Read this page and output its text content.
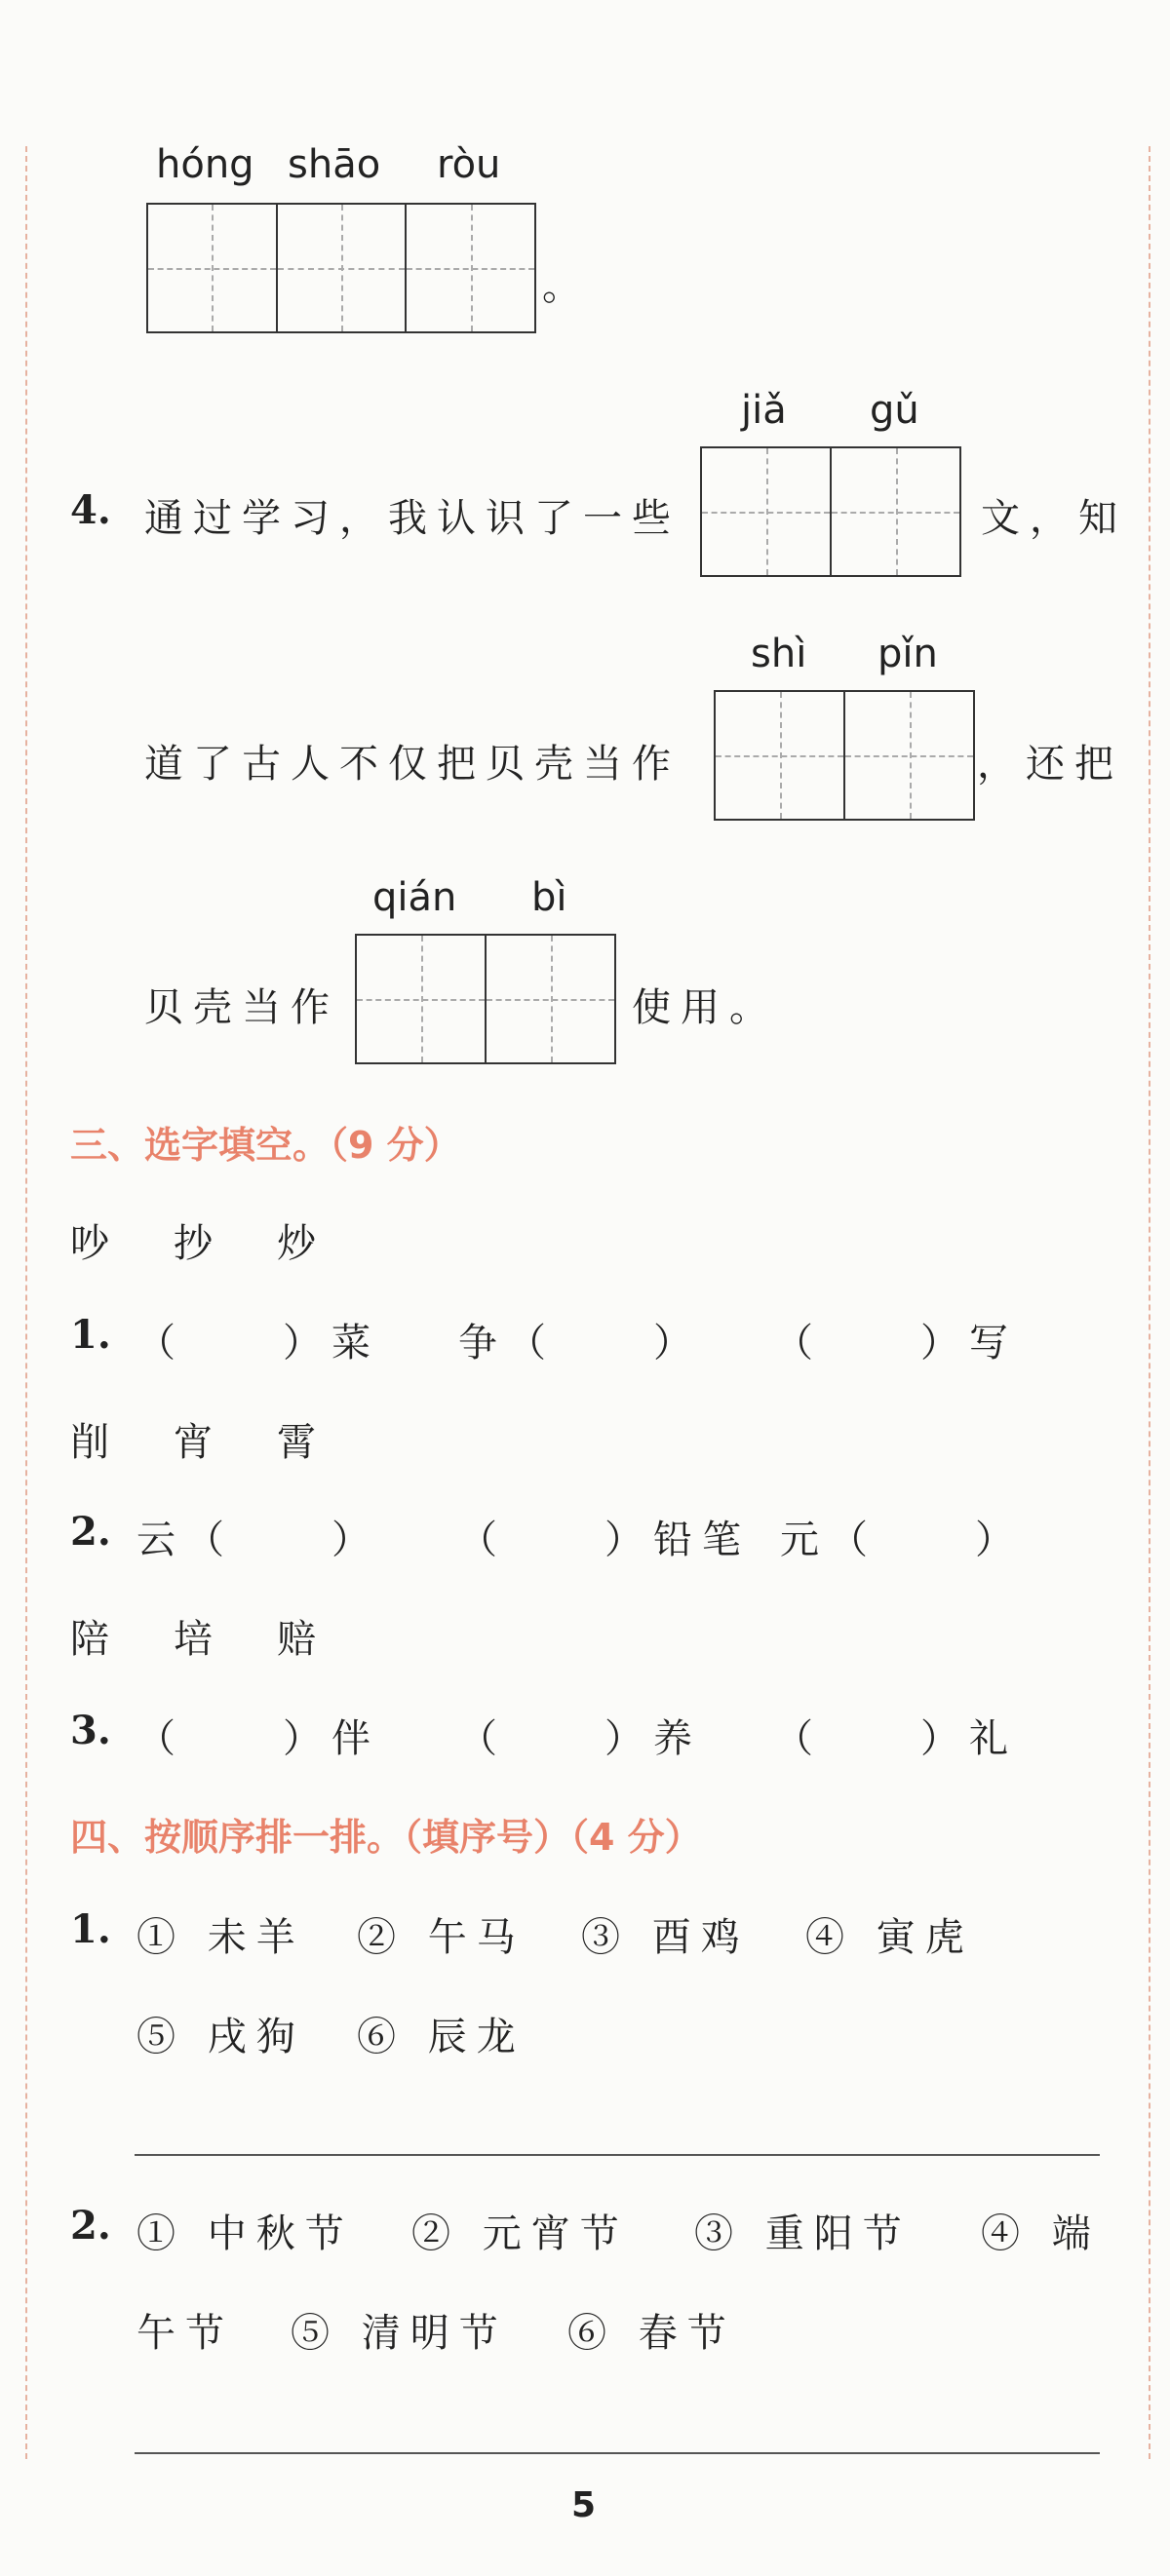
hóng shāo ròu
。
jiǎ gǔ
4. 通过学习，我认识了一些	文，知
shì pǐn
道了古人不仅把贝壳当作	，还把
qián bì
贝壳当作	使用。
三、选字填空。（9 分）
吵 抄 炒
1. （　　）菜 争（　　） （　　）写
削 宵 霄
2. 云（　　） （　　）铅笔 元（　　）
陪 培 赔
3. （　　）伴 （　　）养 （　　）礼
四、按顺序排一排。（填序号）（4 分）
1. ① 未羊 ② 午马 ③ 酉鸡 ④ 寅虎
⑤ 戌狗 ⑥ 辰龙
2. ① 中秋节 ② 元宵节 ③ 重阳节 ④ 端
午节 ⑤ 清明节 ⑥ 春节
5
